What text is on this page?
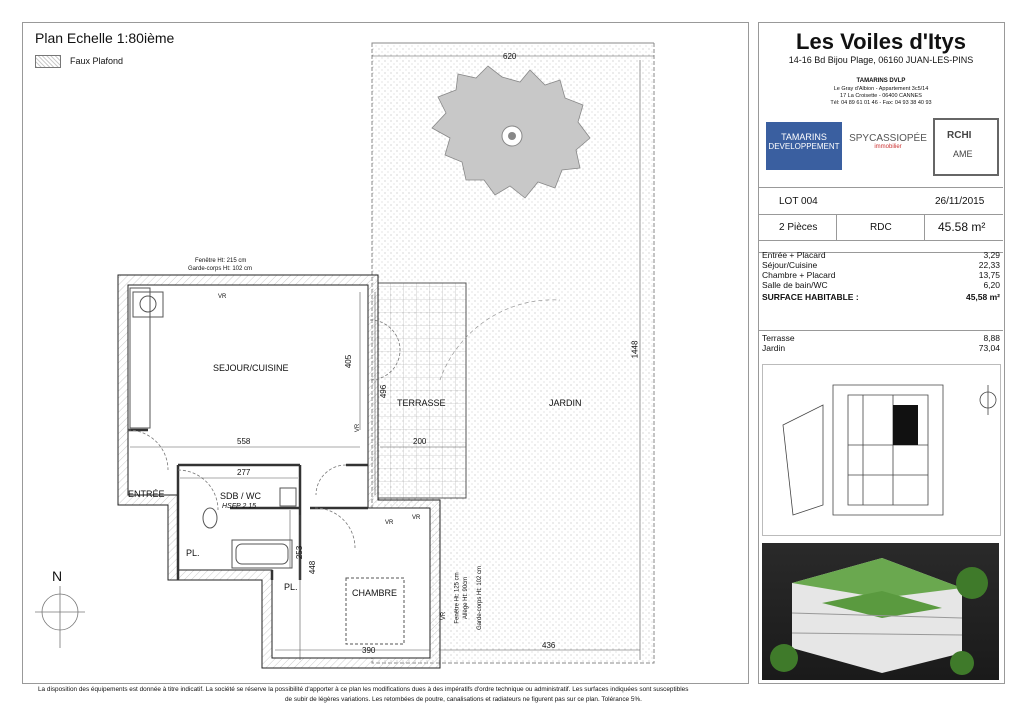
Plan Echelle 1:80ième
Faux Plafond
SEJOUR/CUISINE
TERRASSE	JARDIN
ENTRÉE	SDB / WC
HSFP 2.15
CHAMBRE
PL.
PL.
620
1448
405
496
558	200
277
253
448
390
436
Fenêtre Ht: 215 cm
Garde-corps Ht: 102 cm
Fenêtre Ht: 125 cm Allège Ht: 90cm Garde-corps Ht: 102 cm
VR
VR
VR
VR
VR
N
La disposition des équipements est donnée à titre indicatif. La société se réserve la possibilité d'apporter à ce plan les modifications dues à des impératifs d'ordre technique ou administratif. Les surfaces indiquées sont susceptibles
de subir de légères variations. Les retombées de poutre, canalisations et radiateurs ne figurent pas sur ce plan. Tolérance 5%.
Les Voiles d'Itys
14-16 Bd Bijou Plage, 06160 JUAN-LES-PINS
TAMARINS DVLP
Le Gray d'Albion - Appartement 3c5/14
17 La Croisette - 06400 CANNES
Tél: 04 89 61 01 46 - Fax: 04 93 38 40 93
TAMARINS
DEVELOPPEMENT
SPYCASSIOPÉE
immobilier
RCHI
AME
LOT 004	26/11/2015
2 Pièces	RDC	45.58 m²
Entrée + Placard	3,29
Séjour/Cuisine	22,33
Chambre + Placard	13,75
Salle de bain/WC	6,20
SURFACE HABITABLE :	45,58 m²
Terrasse	8,88
Jardin	73,04
